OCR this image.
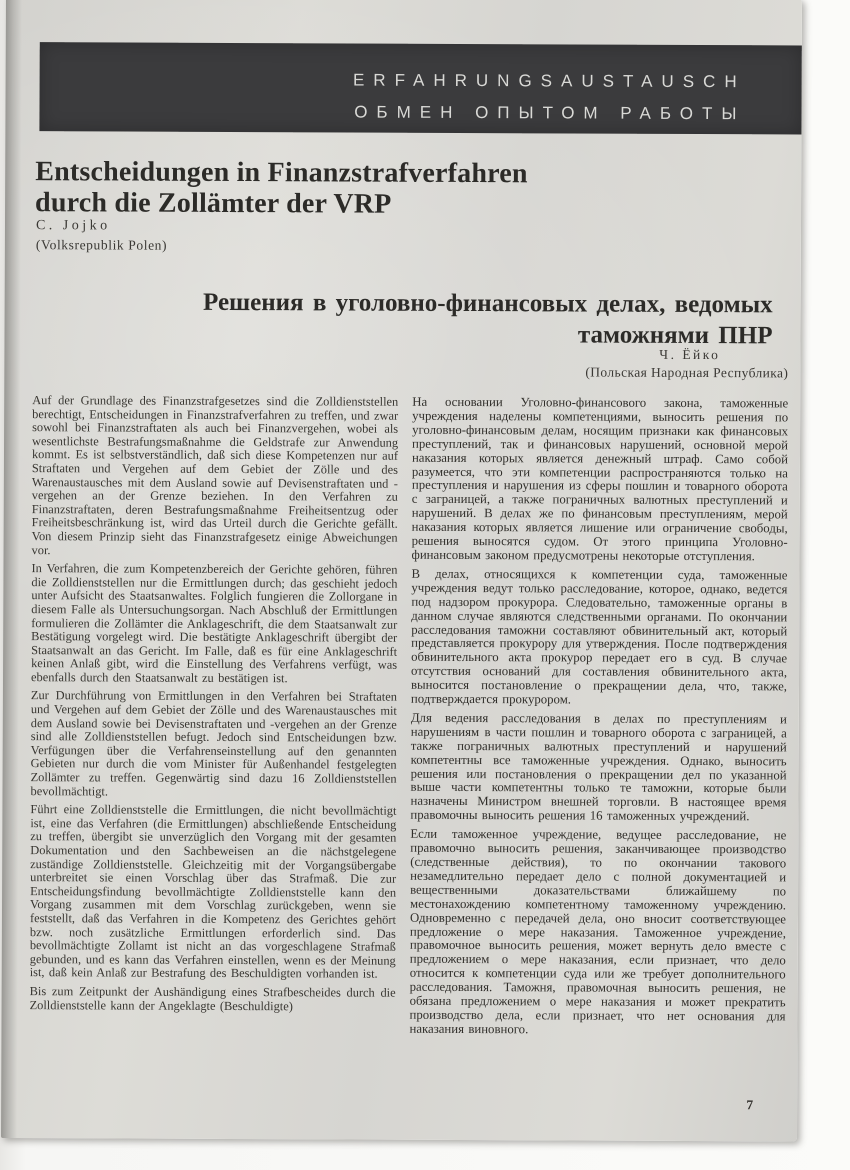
ERFAHRUNGSAUSTAUSCH
ОБМЕН ОПЫТОМ РАБОТЫ
Entscheidungen in Finanzstrafverfahren
durch die Zollämter der VRP
C. Jojko
(Volksrepublik Polen)
Решения в уголовно-финансовых делах, ведомых
таможнями ПНР
Ч. Ёйко
(Польская Народная Республика)

Auf der Grundlage des Finanzstrafgesetzes sind die Zolldienststellen berechtigt, Entscheidungen in Finanzstrafverfahren zu treffen, und zwar sowohl bei Finanzstraftaten als auch bei Finanzvergehen, wobei als wesentlichste Bestrafungsmaßnahme die Geldstrafe zur Anwendung kommt. Es ist selbstverständlich, daß sich diese Kompetenzen nur auf Straftaten und Vergehen auf dem Gebiet der Zölle und des Warenaustausches mit dem Ausland sowie auf Devisenstraftaten und -vergehen an der Grenze beziehen. In den Verfahren zu Finanzstraftaten, deren Bestrafungsmaßnahme Freiheitsentzug oder Freiheitsbeschränkung ist, wird das Urteil durch die Gerichte gefällt. Von diesem Prinzip sieht das Finanzstrafgesetz einige Abweichungen vor.

In Verfahren, die zum Kompetenzbereich der Gerichte gehören, führen die Zolldienststellen nur die Ermittlungen durch; das geschieht jedoch unter Aufsicht des Staatsanwaltes. Folglich fungieren die Zollorgane in diesem Falle als Untersuchungsorgan. Nach Abschluß der Ermittlungen formulieren die Zollämter die Anklageschrift, die dem Staatsanwalt zur Bestätigung vorgelegt wird. Die bestätigte Anklageschrift übergibt der Staatsanwalt an das Gericht. Im Falle, daß es für eine Anklageschrift keinen Anlaß gibt, wird die Einstellung des Verfahrens verfügt, was ebenfalls durch den Staatsanwalt zu bestätigen ist.

Zur Durchführung von Ermittlungen in den Verfahren bei Straftaten und Vergehen auf dem Gebiet der Zölle und des Warenaustausches mit dem Ausland sowie bei Devisenstraftaten und -vergehen an der Grenze sind alle Zolldienststellen befugt. Jedoch sind Entscheidungen bzw. Verfügungen über die Verfahrenseinstellung auf den genannten Gebieten nur durch die vom Minister für Außenhandel festgelegten Zollämter zu treffen. Gegenwärtig sind dazu 16 Zolldienststellen bevollmächtigt.

Führt eine Zolldienststelle die Ermittlungen, die nicht bevollmächtigt ist, eine das Verfahren (die Ermittlungen) abschließende Entscheidung zu treffen, übergibt sie unverzüglich den Vorgang mit der gesamten Dokumentation und den Sachbeweisen an die nächstgelegene zuständige Zolldienststelle. Gleichzeitig mit der Vorgangsübergabe unterbreitet sie einen Vorschlag über das Strafmaß. Die zur Entscheidungsfindung bevollmächtigte Zolldienststelle kann den Vorgang zusammen mit dem Vorschlag zurückgeben, wenn sie feststellt, daß das Verfahren in die Kompetenz des Gerichtes gehört bzw. noch zusätzliche Ermittlungen erforderlich sind. Das bevollmächtigte Zollamt ist nicht an das vorgeschlagene Strafmaß gebunden, und es kann das Verfahren einstellen, wenn es der Meinung ist, daß kein Anlaß zur Bestrafung des Beschuldigten vorhanden ist.

Bis zum Zeitpunkt der Aushändigung eines Strafbescheides durch die Zolldienststelle kann der Angeklagte (Beschuldigte)

На основании Уголовно-финансового закона, таможенные учреждения наделены компетенциями, выносить решения по уголовно-финансовым делам, носящим признаки как финансовых преступлений, так и финансовых нарушений, основной мерой наказания которых является денежный штраф. Само собой разумеется, что эти компетенции распространяются только на преступления и нарушения из сферы пошлин и товарного оборота с заграницей, а также пограничных валютных преступлений и нарушений. В делах же по финансовым преступлениям, мерой наказания которых является лишение или ограничение свободы, решения выносятся судом. От этого принципа Уголовно-финансовым законом предусмотрены некоторые отступления.

В делах, относящихся к компетенции суда, таможенные учреждения ведут только расследование, которое, однако, ведется под надзором прокурора. Следовательно, таможенные органы в данном случае являются следственными органами. По окончании расследования таможни составляют обвинительный акт, который представляется прокурору для утверждения. После подтверждения обвинительного акта прокурор передает его в суд. В случае отсутствия оснований для составления обвинительного акта, выносится постановление о прекращении дела, что, также, подтверждается прокурором.

Для ведения расследования в делах по преступлениям и нарушениям в части пошлин и товарного оборота с заграницей, а также пограничных валютных преступлений и нарушений компетентны все таможенные учреждения. Однако, выносить решения или постановления о прекращении дел по указанной выше части компетентны только те таможни, которые были назначены Министром внешней торговли. В настоящее время правомочны выносить решения 16 таможенных учреждений.

Если таможенное учреждение, ведущее расследование, не правомочно выносить решения, заканчивающее производство (следственные действия), то по окончании такового незамедлительно передает дело с полной документацией и вещественными доказательствами ближайшему по местонахождению компетентному таможенному учреждению. Одновременно с передачей дела, оно вносит соответствующее предложение о мере наказания. Таможенное учреждение, правомочное выносить решения, может вернуть дело вместе с предложением о мере наказания, если признает, что дело относится к компетенции суда или же требует дополнительного расследования. Таможня, правомочная выносить решения, не обязана предложением о мере наказания и может прекратить производство дела, если признает, что нет основания для наказания виновного.

7
